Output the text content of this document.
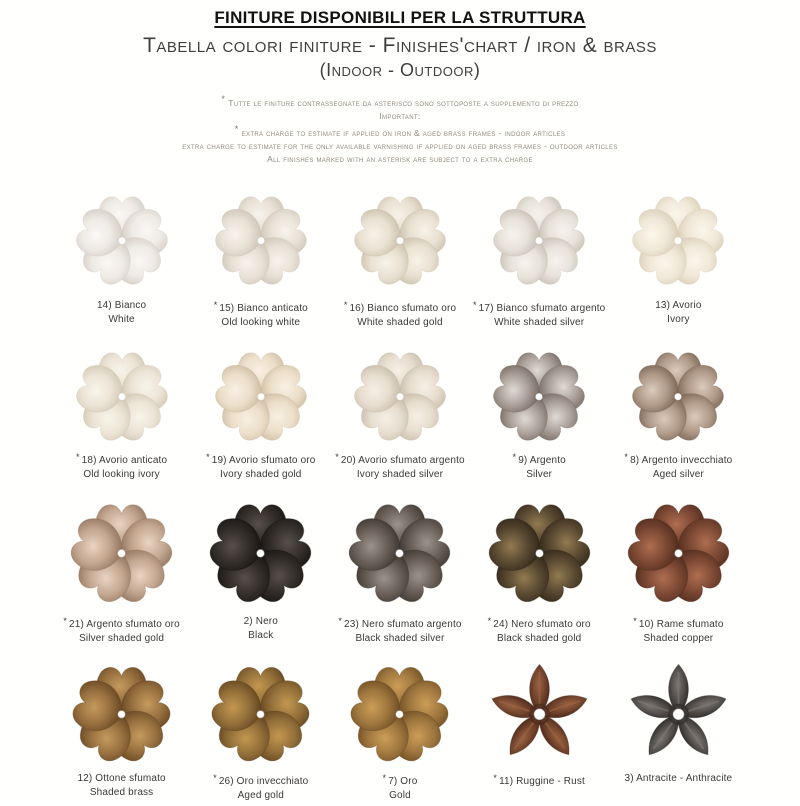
FINITURE DISPONIBILI PER LA STRUTTURA
Tabella colori finiture - Finishes'chart / iron & brass
(Indoor - Outdoor)
* Tutte le finiture contrassegnate da asterisco sono sottoposte a supplemento di prezzo
Important:
* extra charge to estimate if applied on iron & aged brass frames - indoor articles
extra charge to estimate for the only available varnishing if applied on aged brass frames - outdoor articles
All finishes marked with an asterisk are subject to a extra charge
14) Bianco
White
* 15) Bianco anticato
Old looking white
* 16) Bianco sfumato oro
White shaded gold
* 17) Bianco sfumato argento
White shaded silver
13) Avorio
Ivory
* 18) Avorio anticato
Old looking ivory
* 19) Avorio sfumato oro
Ivory shaded gold
* 20) Avorio sfumato argento
Ivory shaded silver
* 9) Argento
Silver
* 8) Argento invecchiato
Aged silver
* 21) Argento sfumato oro
Silver shaded gold
2) Nero
Black
* 23) Nero sfumato argento
Black shaded silver
* 24) Nero sfumato oro
Black shaded gold
* 10) Rame sfumato
Shaded copper
12) Ottone sfumato
Shaded brass
* 26) Oro invecchiato
Aged gold
* 7) Oro
Gold
* 11) Ruggine - Rust	3) Antracite - Anthracite
